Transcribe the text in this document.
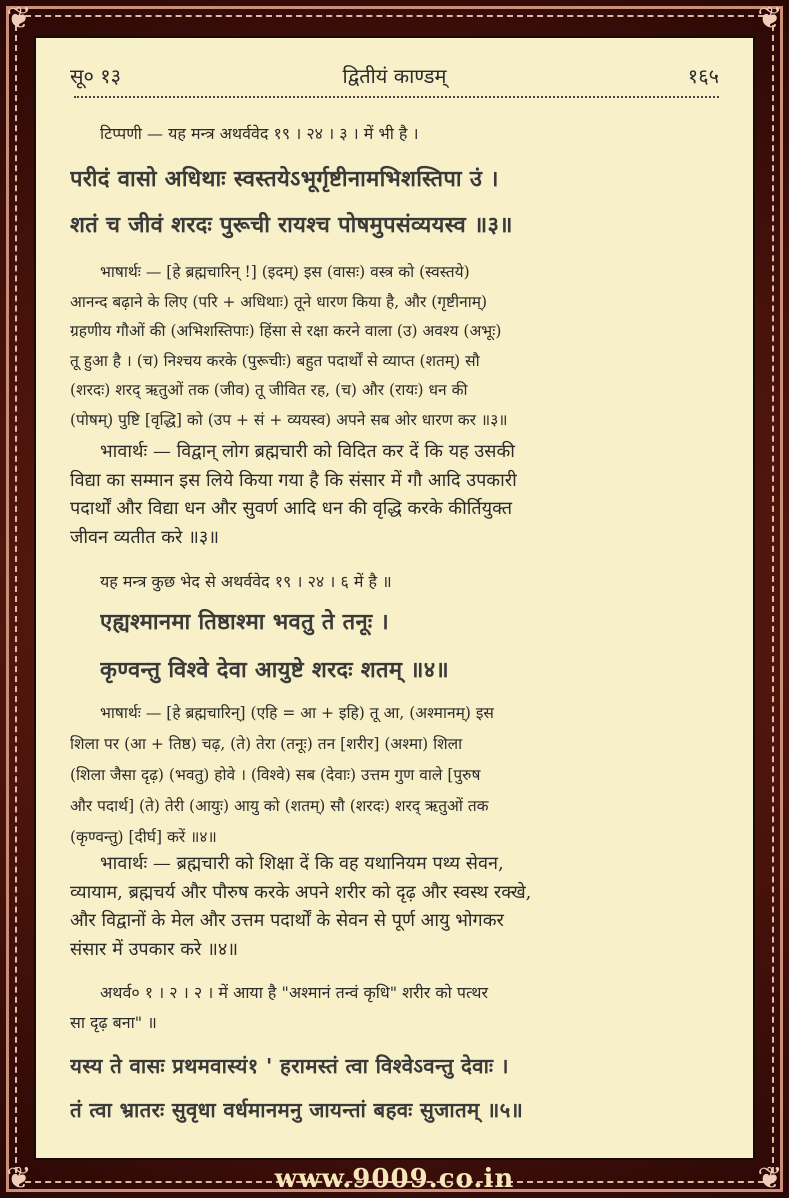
❦	❦
❦	❦
सू० १३	द्वितीयं काण्डम्	१६५
टिप्पणी — यह मन्त्र अथर्ववेद १९ । २४ । ३ । में भी है ।
परीदं वासो अधिथाः स्वस्तयेऽभूर्गृष्टीनामभिशस्तिपा उं ।
शतं च जीवं शरदः पुरूची रायश्च पोषमुपसंव्ययस्व ॥३॥
भाषार्थः — [हे ब्रह्मचारिन् !] (इदम्) इस (वासः) वस्त्र को (स्वस्तये)
आनन्द बढ़ाने के लिए (परि + अधिथाः) तूने धारण किया है, और (गृष्टीनाम्)
ग्रहणीय गौओं की (अभिशस्तिपाः) हिंसा से रक्षा करने वाला (उ) अवश्य (अभूः)
तू हुआ है । (च) निश्चय करके (पुरूचीः) बहुत पदार्थों से व्याप्त (शतम्) सौ
(शरदः) शरद् ऋतुओं तक (जीव) तू जीवित रह, (च) और (रायः) धन की
(पोषम्) पुष्टि [वृद्धि] को (उप + सं + व्ययस्व) अपने सब ओर धारण कर ॥३॥
भावार्थः — विद्वान् लोग ब्रह्मचारी को विदित कर दें कि यह उसकी
विद्या का सम्मान इस लिये किया गया है कि संसार में गौ आदि उपकारी
पदार्थों और विद्या धन और सुवर्ण आदि धन की वृद्धि करके कीर्तियुक्त
जीवन व्यतीत करे ॥३॥
यह मन्त्र कुछ भेद से अथर्ववेद १९ । २४ । ६ में है ॥
एह्यश्मानमा तिष्ठाश्मा भवतु ते तनूः ।
कृण्वन्तु विश्वे देवा आयुष्टे शरदः शतम् ॥४॥
भाषार्थः — [हे ब्रह्मचारिन्] (एहि = आ + इहि) तू आ, (अश्मानम्) इस
शिला पर (आ + तिष्ठ) चढ़, (ते) तेरा (तनूः) तन [शरीर] (अश्मा) शिला
(शिला जैसा दृढ़) (भवतु) होवे । (विश्वे) सब (देवाः) उत्तम गुण वाले [पुरुष
और पदार्थ] (ते) तेरी (आयुः) आयु को (शतम्) सौ (शरदः) शरद् ऋतुओं तक
(कृण्वन्तु) [दीर्घ] करें ॥४॥
भावार्थः — ब्रह्मचारी को शिक्षा दें कि वह यथानियम पथ्य सेवन,
व्यायाम, ब्रह्मचर्य और पौरुष करके अपने शरीर को दृढ़ और स्वस्थ रक्खे,
और विद्वानों के मेल और उत्तम पदार्थों के सेवन से पूर्ण आयु भोगकर
संसार में उपकार करे ॥४॥
अथर्व० १ । २ । २ । में आया है "अश्मानं तन्वं कृधि" शरीर को पत्थर
सा दृढ़ बना" ॥
यस्य ते वासः प्रथमवास्यं१ ' हरामस्तं त्वा विश्वेऽवन्तु देवाः ।
तं त्वा भ्रातरः सुवृधा वर्धमानमनु जायन्तां बहवः सुजातम् ॥५॥
www.9009.co.in
